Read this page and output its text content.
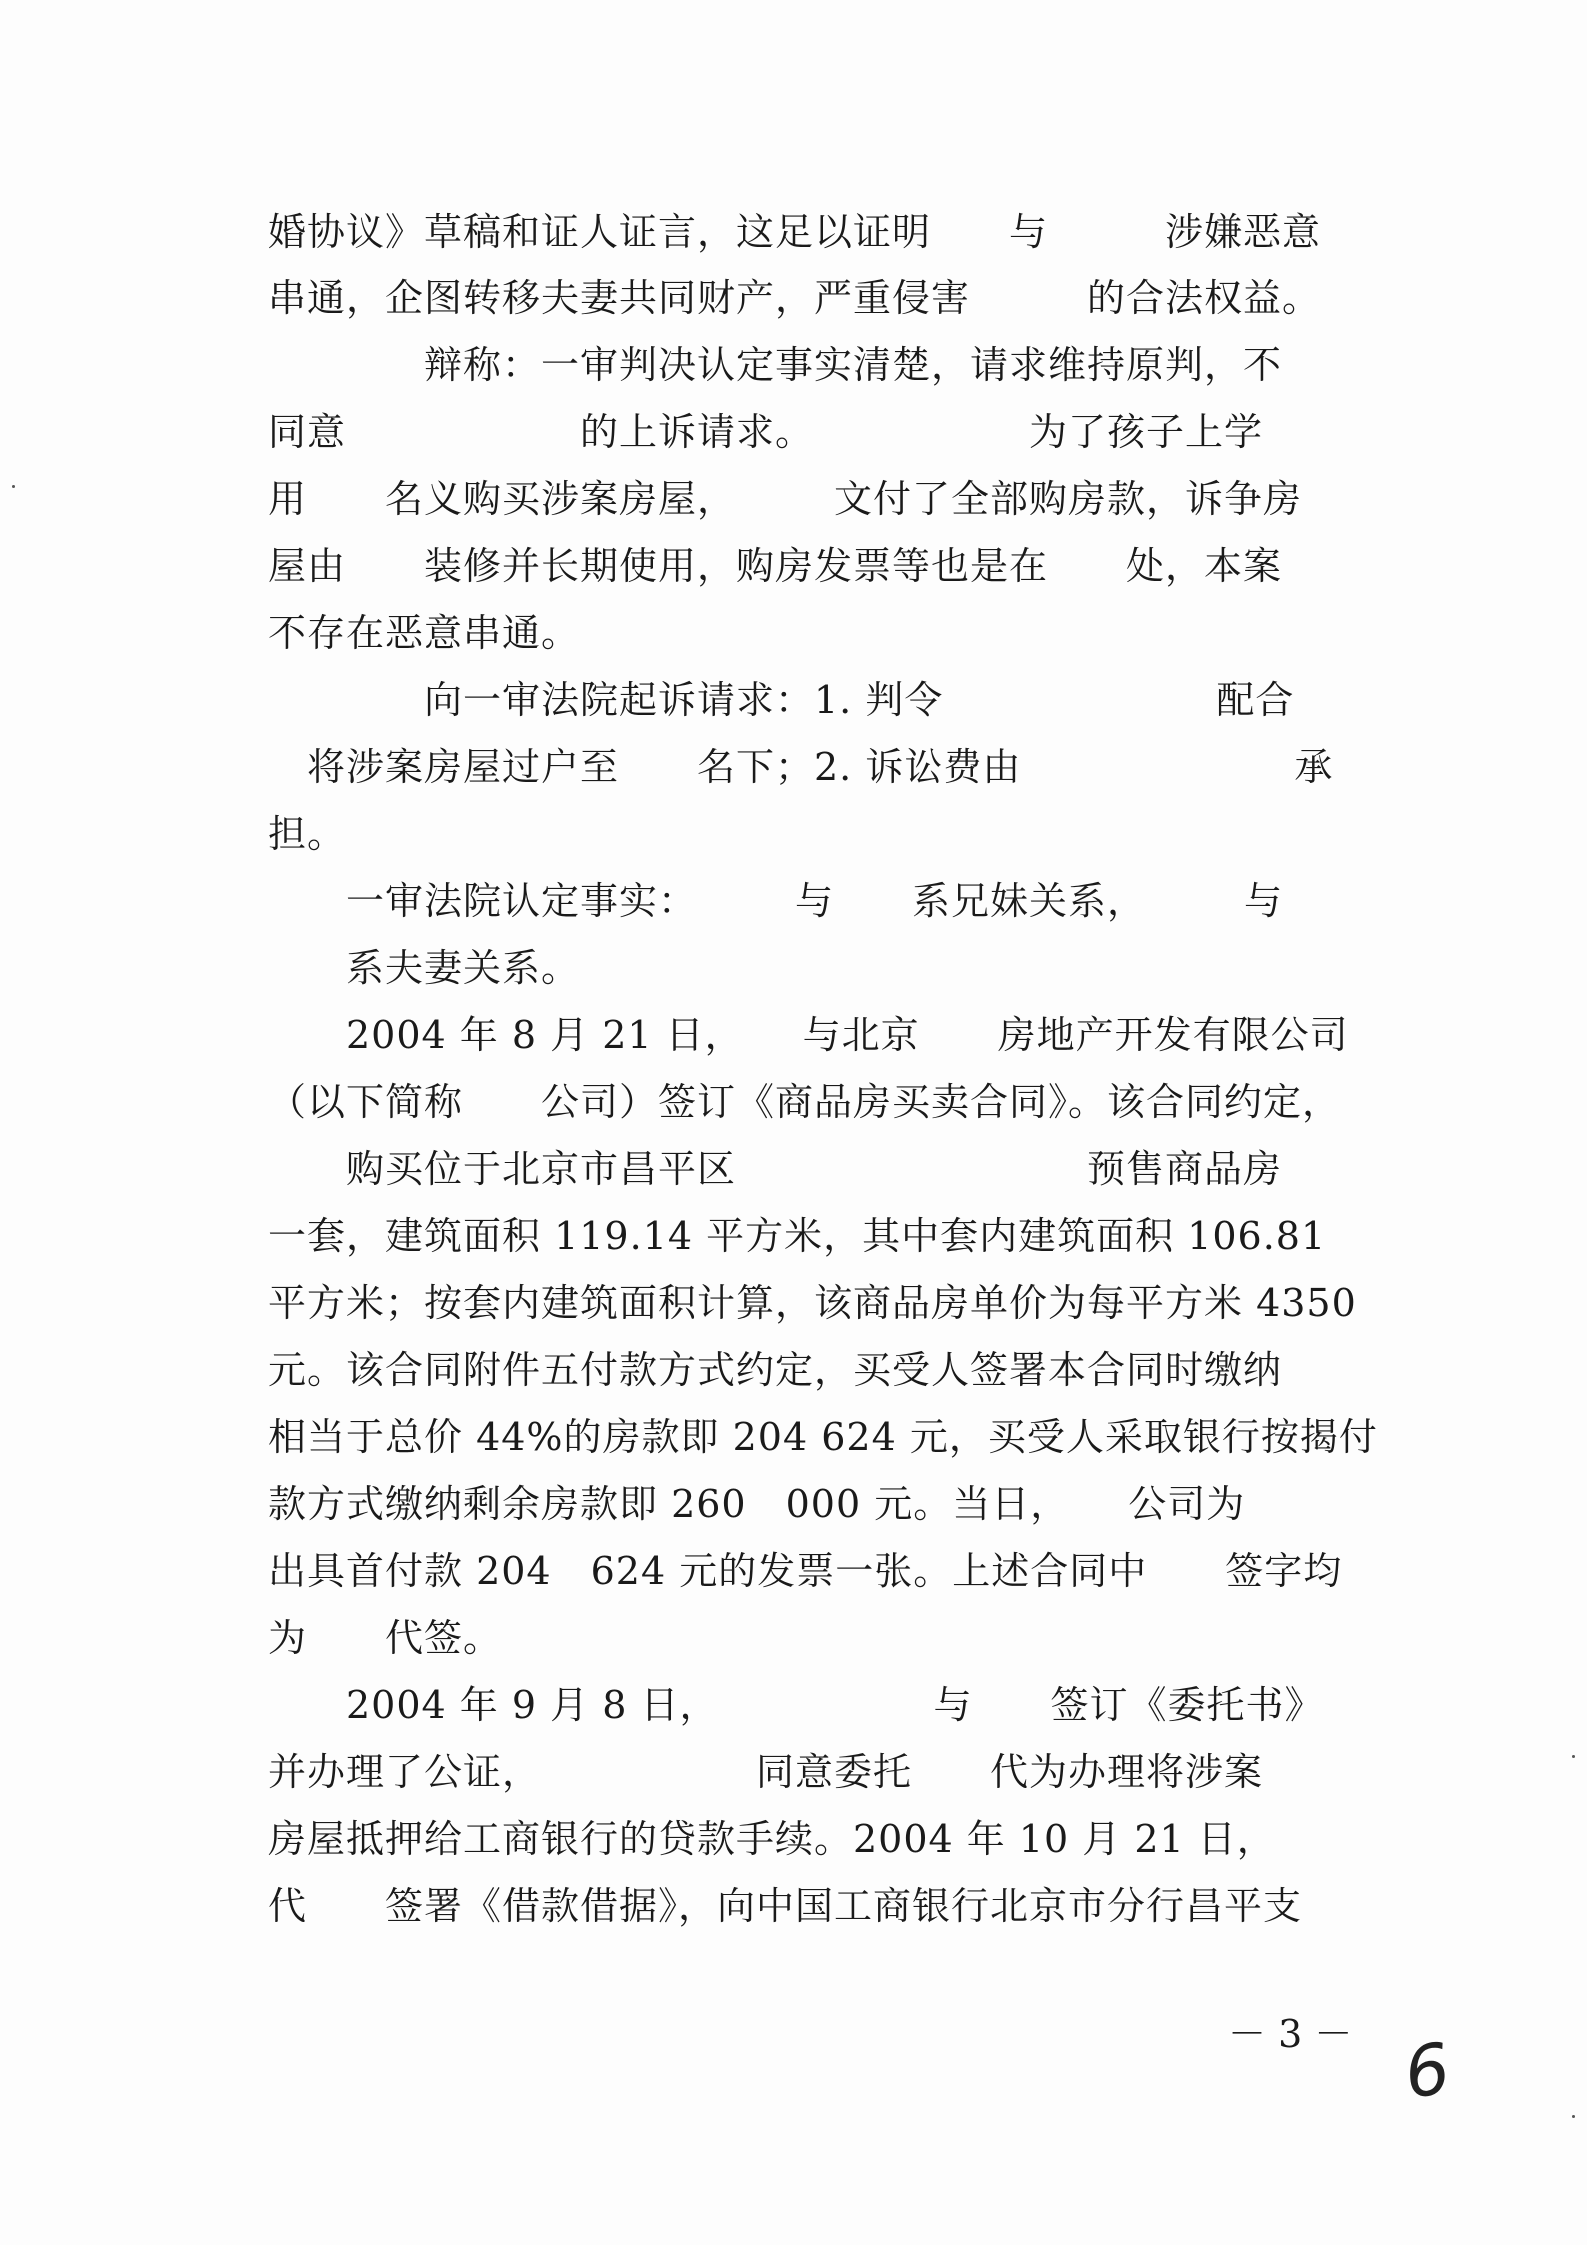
婚协议》草稿和证人证言，这足以证明　　与　　　涉嫌恶意
串通，企图转移夫妻共同财产，严重侵害　　　的合法权益。
　　　　辩称：一审判决认定事实清楚，请求维持原判，不
同意　　　　　　的上诉请求。　　　　　　为了孩子上学
用　　名义购买涉案房屋，　　　文付了全部购房款，诉争房
屋由　　装修并长期使用，购房发票等也是在　　处，本案
不存在恶意串通。
　　　　向一审法院起诉请求：1. 判令　　　　　　　配合
　将涉案房屋过户至　　名下；2. 诉讼费由　　　　　　　承
担。
　　一审法院认定事实：　　　与　　系兄妹关系，　　　与
　　系夫妻关系。
　　2004 年 8 月 21 日，　　与北京　　房地产开发有限公司
（以下简称　　公司）签订《商品房买卖合同》。该合同约定，
　　购买位于北京市昌平区　　　　　　　　　预售商品房
一套，建筑面积 119.14 平方米，其中套内建筑面积 106.81
平方米；按套内建筑面积计算，该商品房单价为每平方米 4350
元。该合同附件五付款方式约定，买受人签署本合同时缴纳
相当于总价 44%的房款即 204 624 元，买受人采取银行按揭付
款方式缴纳剩余房款即 260　000 元。当日，　　公司为
出具首付款 204　624 元的发票一张。上述合同中　　签字均
为　　代签。
　　2004 年 9 月 8 日，　　　　　　与　　签订《委托书》
并办理了公证，　　　　　　同意委托　　代为办理将涉案
房屋抵押给工商银行的贷款手续。2004 年 10 月 21 日，
代　　签署《借款借据》，向中国工商银行北京市分行昌平支
－ 3 － 6
